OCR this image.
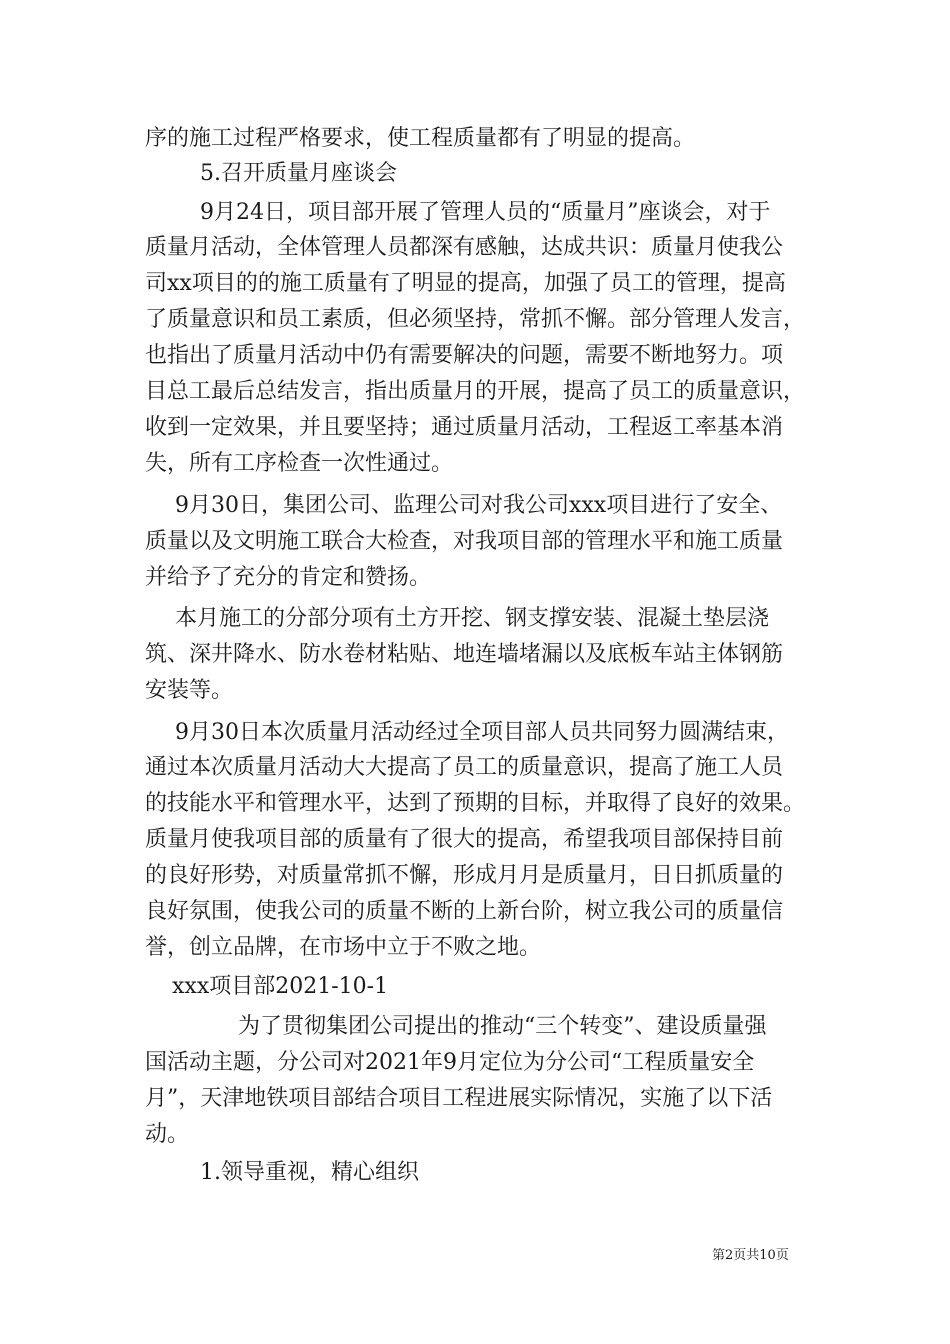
序的施工过程严格要求，使工程质量都有了明显的提高。
5.召开质量月座谈会
9月24日，项目部开展了管理人员的“质量月”座谈会，对于
质量月活动，全体管理人员都深有感触，达成共识：质量月使我公
司xx项目的的施工质量有了明显的提高，加强了员工的管理，提高
了质量意识和员工素质，但必须坚持，常抓不懈。部分管理人发言，
也指出了质量月活动中仍有需要解决的问题，需要不断地努力。项
目总工最后总结发言，指出质量月的开展，提高了员工的质量意识，
收到一定效果，并且要坚持；通过质量月活动，工程返工率基本消
失，所有工序检查一次性通过。
9月30日，集团公司、监理公司对我公司xxx项目进行了安全、
质量以及文明施工联合大检查，对我项目部的管理水平和施工质量
并给予了充分的肯定和赞扬。
本月施工的分部分项有土方开挖、钢支撑安装、混凝土垫层浇
筑、深井降水、防水卷材粘贴、地连墙堵漏以及底板车站主体钢筋
安装等。
9月30日本次质量月活动经过全项目部人员共同努力圆满结束，
通过本次质量月活动大大提高了员工的质量意识，提高了施工人员
的技能水平和管理水平，达到了预期的目标，并取得了良好的效果。
质量月使我项目部的质量有了很大的提高，希望我项目部保持目前
的良好形势，对质量常抓不懈，形成月月是质量月，日日抓质量的
良好氛围，使我公司的质量不断的上新台阶，树立我公司的质量信
誉，创立品牌，在市场中立于不败之地。
xxx项目部2021-10-1
为了贯彻集团公司提出的推动“三个转变”、建设质量强
国活动主题，分公司对2021年9月定位为分公司“工程质量安全
月”，天津地铁项目部结合项目工程进展实际情况，实施了以下活
动。
1.领导重视，精心组织
第2页共10页
